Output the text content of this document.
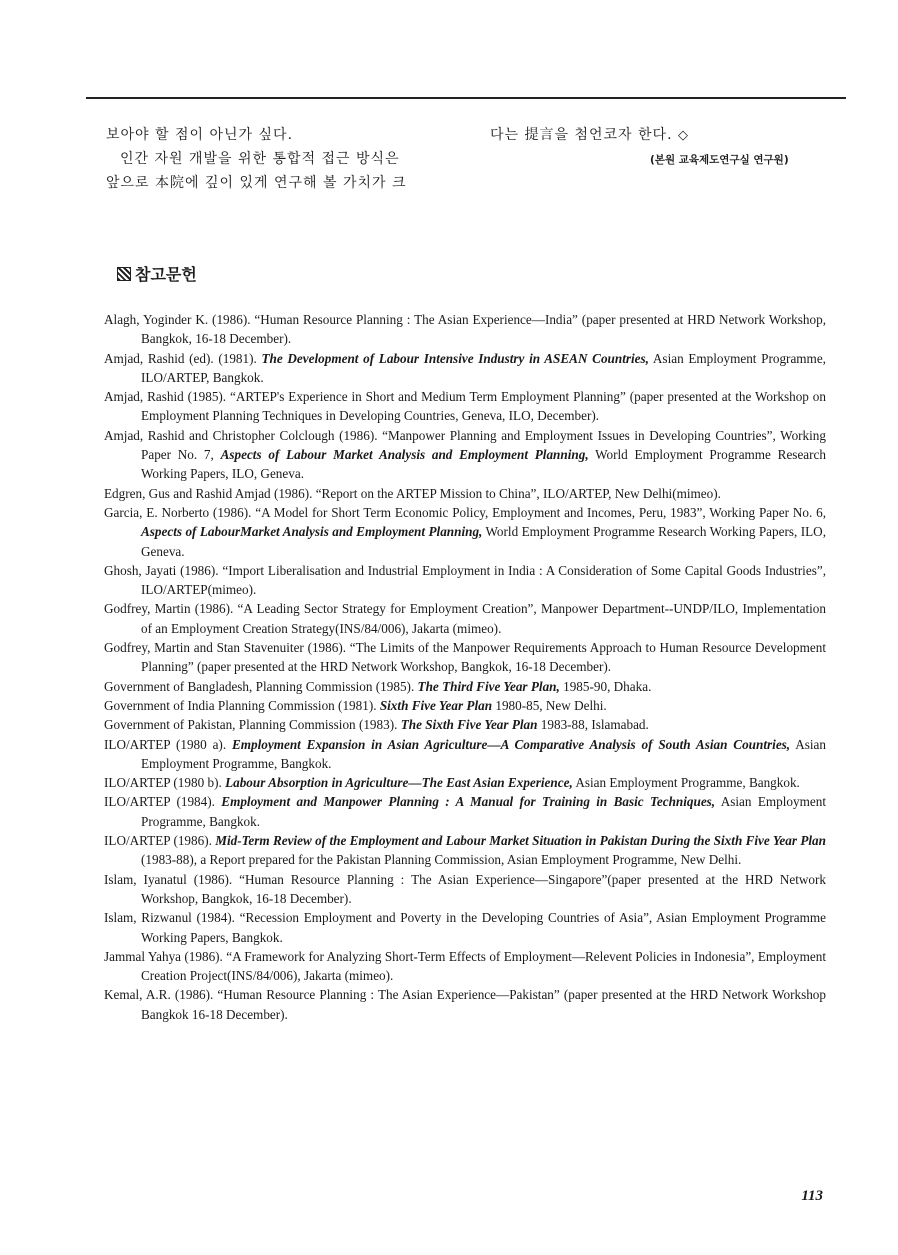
보아야 할 점이 아닌가 싶다.

인간 자원 개발을 위한 통합적 접근 방식은

앞으로 本院에 깊이 있게 연구해 볼 가치가 크

다는 提言을 첨언코자 한다. ◇

(본원 교육제도연구실 연구원)

참고문헌
Alagh, Yoginder K. (1986). “Human Resource Planning : The Asian Experience—India” (paper presented at HRD Network Workshop, Bangkok, 16-18 December).
Amjad, Rashid (ed). (1981). The Development of Labour Intensive Industry in ASEAN Countries, Asian Employment Programme, ILO/ARTEP, Bangkok.
Amjad, Rashid (1985). “ARTEP's Experience in Short and Medium Term Employment Planning” (paper presented at the Workshop on Employment Planning Techniques in Developing Countries, Geneva, ILO, December).
Amjad, Rashid and Christopher Colclough (1986). “Manpower Planning and Employment Issues in Developing Countries”, Working Paper No. 7, Aspects of Labour Market Analysis and Employment Planning, World Employment Programme Research Working Papers, ILO, Geneva.
Edgren, Gus and Rashid Amjad (1986). “Report on the ARTEP Mission to China”, ILO/ARTEP, New Delhi(mimeo).
Garcia, E. Norberto (1986). “A Model for Short Term Economic Policy, Employment and Incomes, Peru, 1983”, Working Paper No. 6, Aspects of LabourMarket Analysis and Employment Planning, World Employment Programme Research Working Papers, ILO, Geneva.
Ghosh, Jayati (1986). “Import Liberalisation and Industrial Employment in India : A Consideration of Some Capital Goods Industries”, ILO/ARTEP(mimeo).
Godfrey, Martin (1986). “A Leading Sector Strategy for Employment Creation”, Manpower Department--UNDP/ILO, Implementation of an Employment Creation Strategy(INS/84/006), Jakarta (mimeo).
Godfrey, Martin and Stan Stavenuiter (1986). “The Limits of the Manpower Requirements Approach to Human Resource Development Planning” (paper presented at the HRD Network Workshop, Bangkok, 16-18 December).
Government of Bangladesh, Planning Commission (1985). The Third Five Year Plan, 1985-90, Dhaka.
Government of India Planning Commission (1981). Sixth Five Year Plan 1980-85, New Delhi.
Government of Pakistan, Planning Commission (1983). The Sixth Five Year Plan 1983-88, Islamabad.
ILO/ARTEP (1980 a). Employment Expansion in Asian Agriculture—A Comparative Analysis of South Asian Countries, Asian Employment Programme, Bangkok.
ILO/ARTEP (1980 b). Labour Absorption in Agriculture—The East Asian Experience, Asian Employment Programme, Bangkok.
ILO/ARTEP (1984). Employment and Manpower Planning : A Manual for Training in Basic Techniques, Asian Employment Programme, Bangkok.
ILO/ARTEP (1986). Mid-Term Review of the Employment and Labour Market Situation in Pakistan During the Sixth Five Year Plan (1983-88), a Report prepared for the Pakistan Planning Commission, Asian Employment Programme, New Delhi.
Islam, Iyanatul (1986). “Human Resource Planning : The Asian Experience—Singapore”(paper presented at the HRD Network Workshop, Bangkok, 16-18 December).
Islam, Rizwanul (1984). “Recession Employment and Poverty in the Developing Countries of Asia”, Asian Employment Programme Working Papers, Bangkok.
Jammal Yahya (1986). “A Framework for Analyzing Short-Term Effects of Employment—Relevent Policies in Indonesia”, Employment Creation Project(INS/84/006), Jakarta (mimeo).
Kemal, A.R. (1986). “Human Resource Planning : The Asian Experience—Pakistan” (paper presented at the HRD Network Workshop Bangkok 16-18 December).
113
